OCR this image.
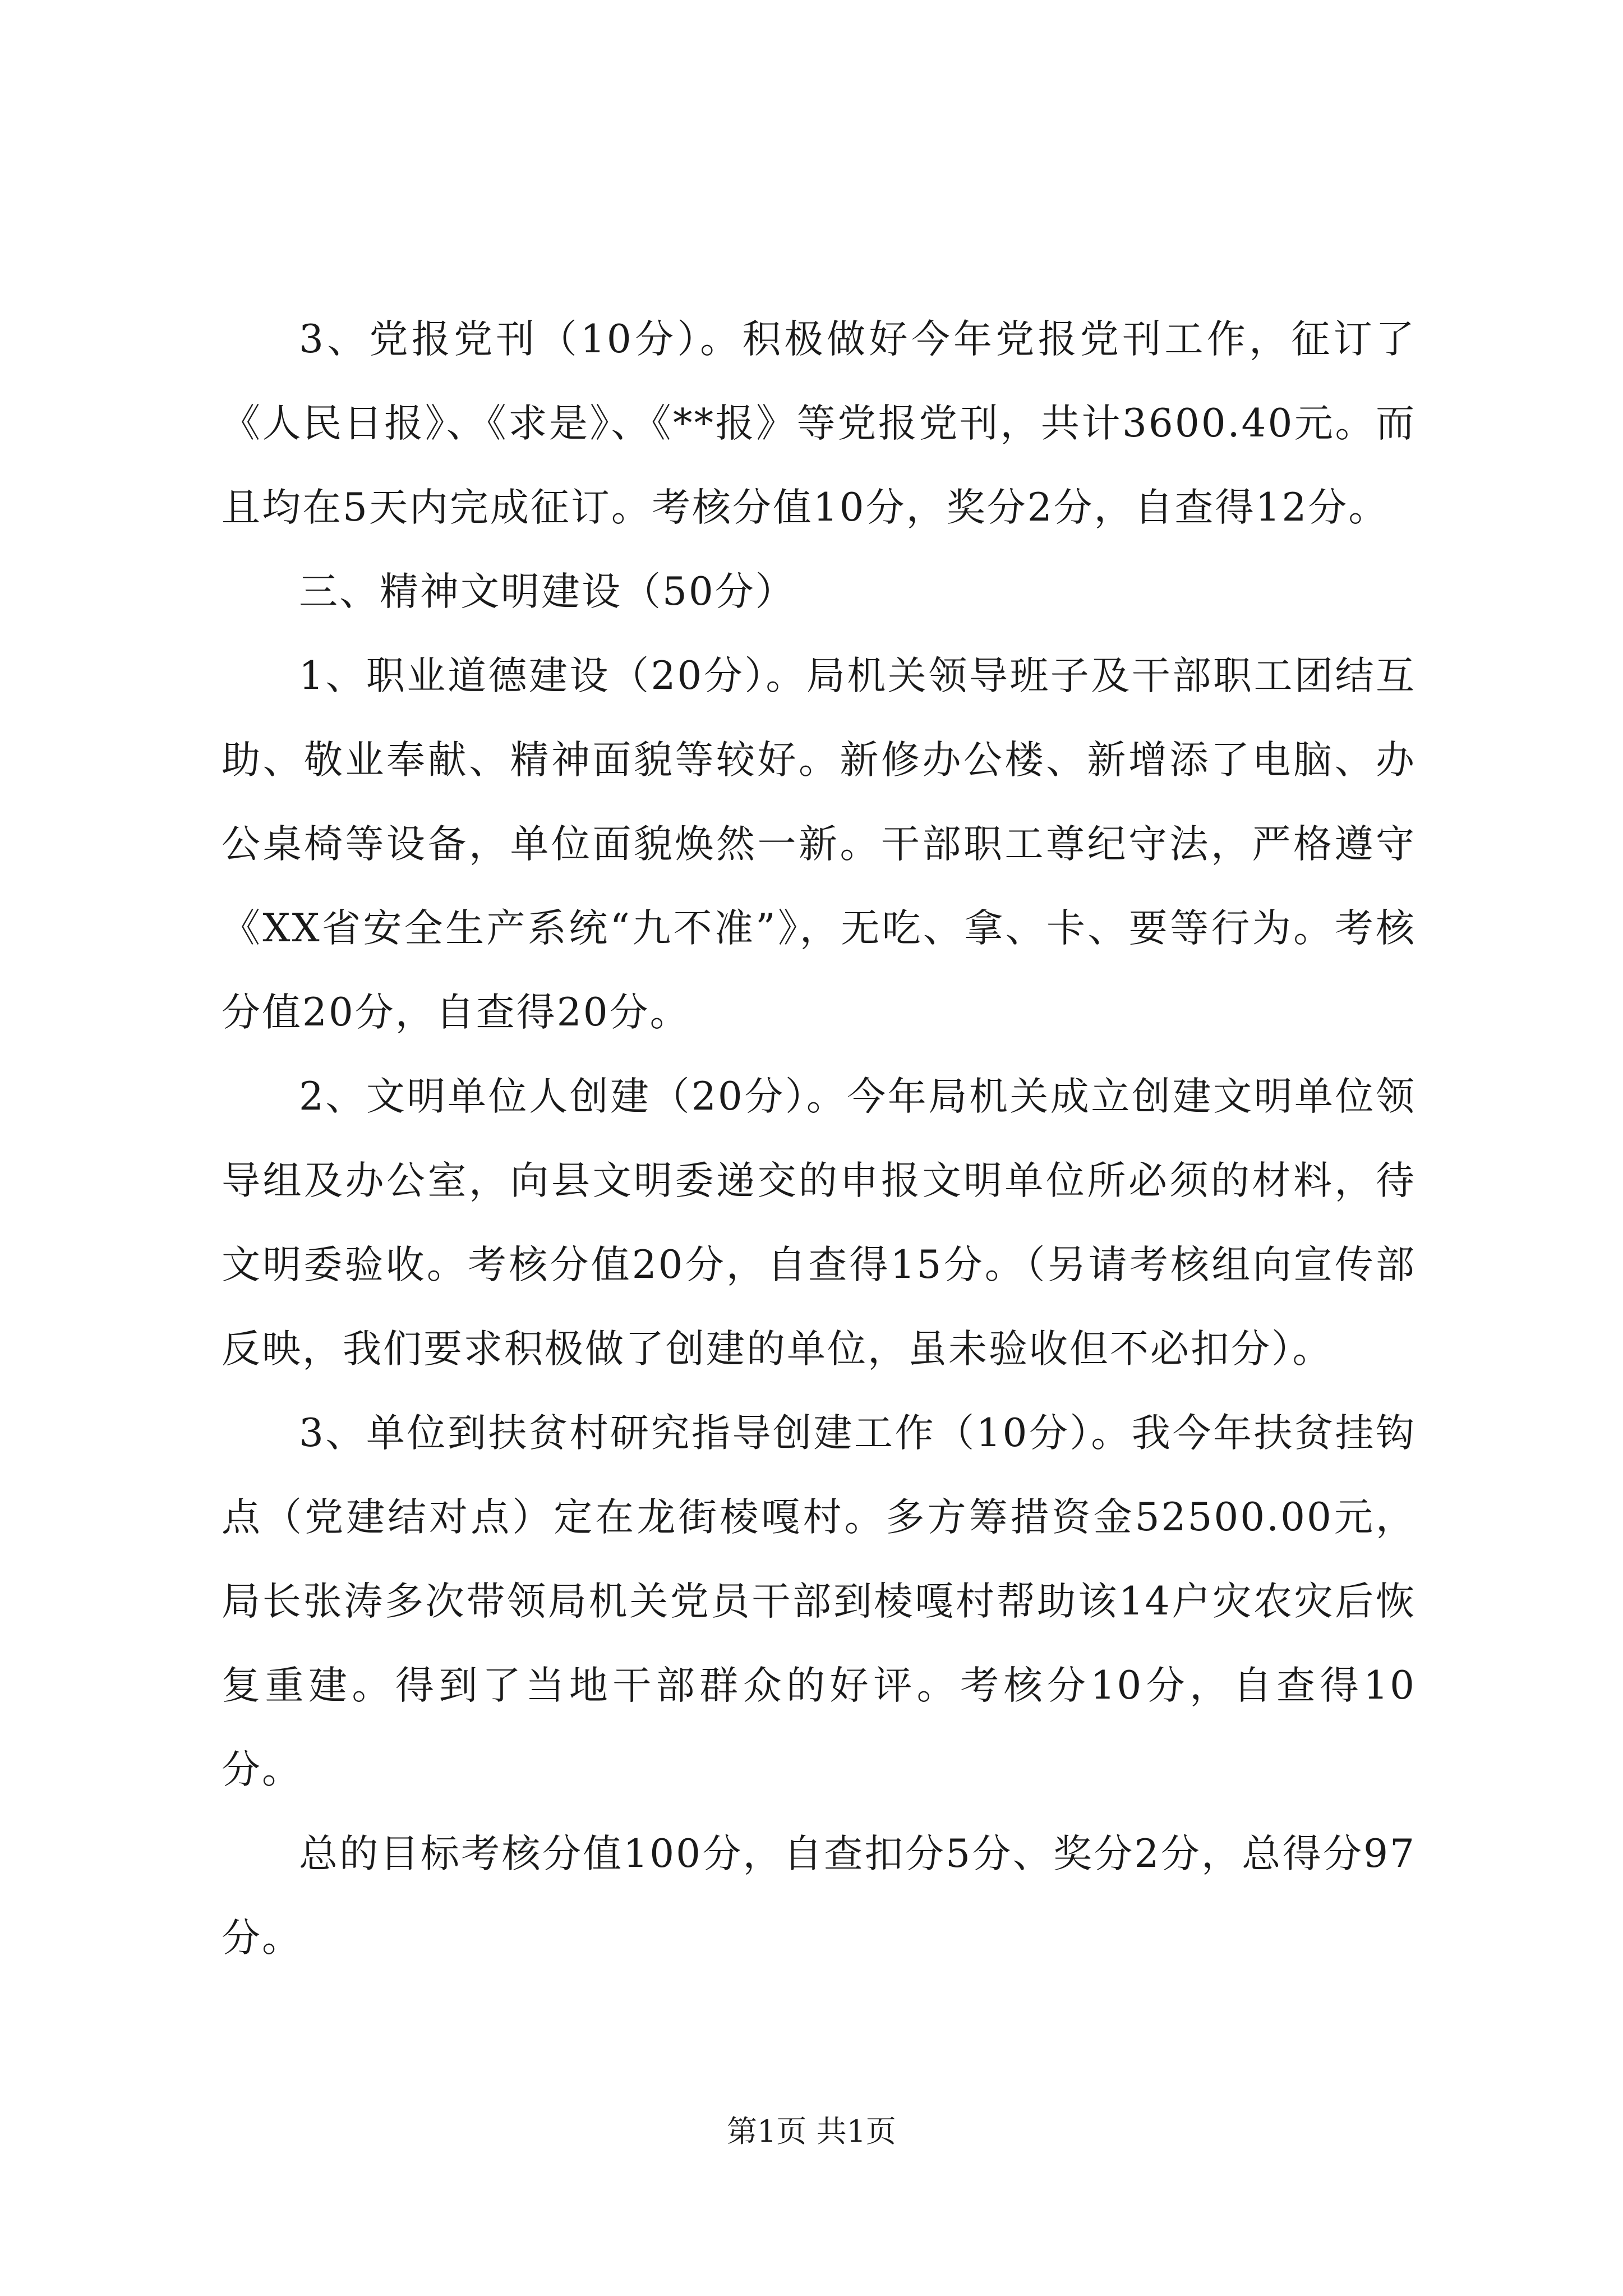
3、党报党刊（10分）。积极做好今年党报党刊工作，征订了《人民日报》、《求是》、《**报》等党报党刊，共计3600.40元。而且均在5天内完成征订。考核分值10分，奖分2分，自查得12分。

三、精神文明建设（50分）

1、职业道德建设（20分）。局机关领导班子及干部职工团结互助、敬业奉献、精神面貌等较好。新修办公楼、新增添了电脑、办公桌椅等设备，单位面貌焕然一新。干部职工尊纪守法，严格遵守《XX省安全生产系统“九不准”》，无吃、拿、卡、要等行为。考核分值20分，自查得20分。

2、文明单位人创建（20分）。今年局机关成立创建文明单位领导组及办公室，向县文明委递交的申报文明单位所必须的材料，待文明委验收。考核分值20分，自查得15分。（另请考核组向宣传部反映，我们要求积极做了创建的单位，虽未验收但不必扣分）。

3、单位到扶贫村研究指导创建工作（10分）。我今年扶贫挂钩点（党建结对点）定在龙街棱嘎村。多方筹措资金52500.00元，局长张涛多次带领局机关党员干部到棱嘎村帮助该14户灾农灾后恢复重建。得到了当地干部群众的好评。考核分10分，自查得10分。

总的目标考核分值100分，自查扣分5分、奖分2分，总得分97分。

第1页 共1页
